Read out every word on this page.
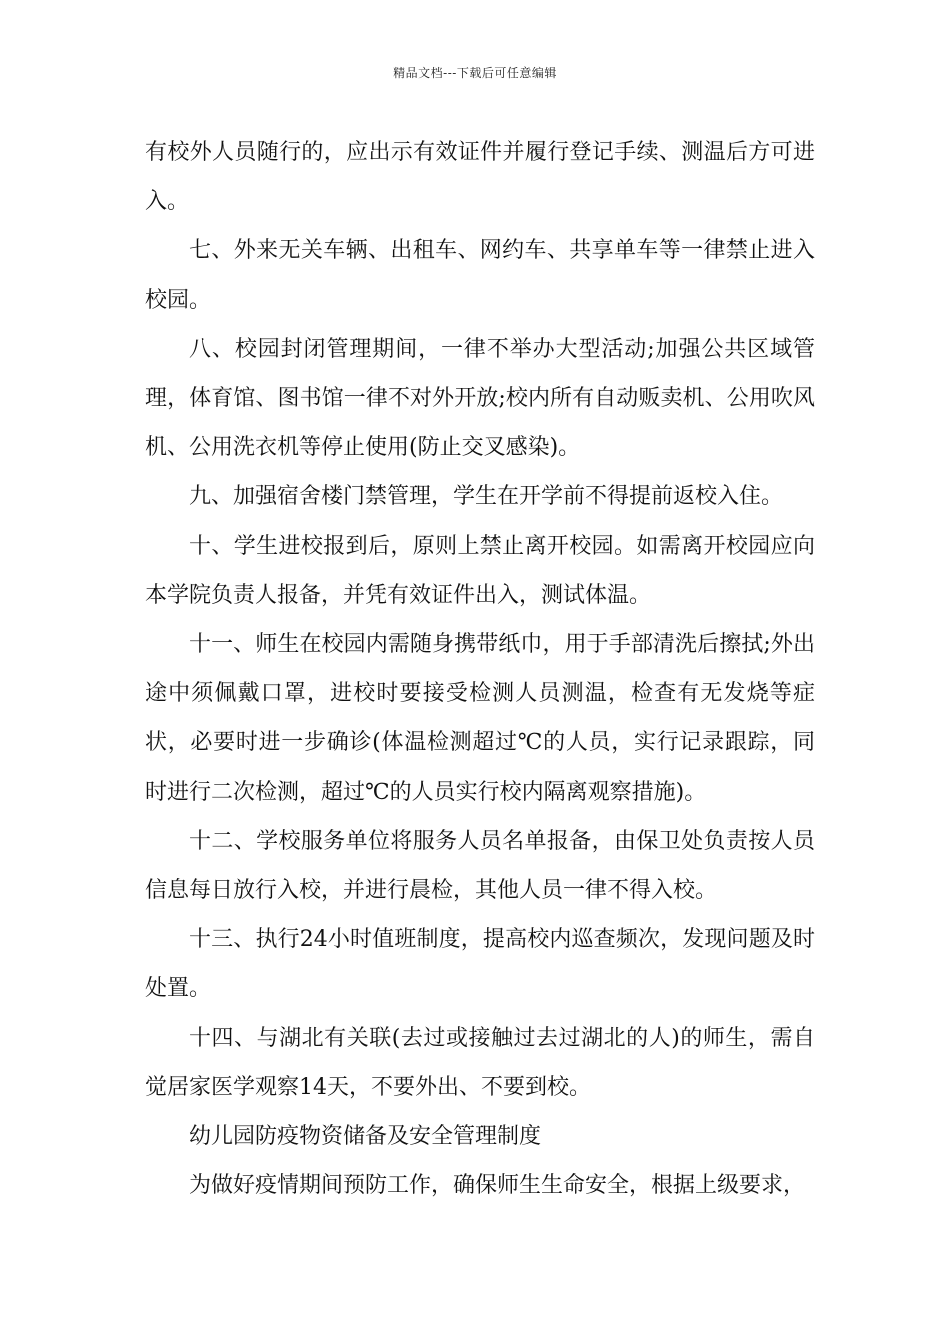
精品文档---下载后可任意编辑

有校外人员随行的，应出示有效证件并履行登记手续、测温后方可进入。

七、外来无关车辆、出租车、网约车、共享单车等一律禁止进入校园。

八、校园封闭管理期间，一律不举办大型活动;加强公共区域管理，体育馆、图书馆一律不对外开放;校内所有自动贩卖机、公用吹风机、公用洗衣机等停止使用(防止交叉感染)。

九、加强宿舍楼门禁管理，学生在开学前不得提前返校入住。

十、学生进校报到后，原则上禁止离开校园。如需离开校园应向本学院负责人报备，并凭有效证件出入，测试体温。

十一、师生在校园内需随身携带纸巾，用于手部清洗后擦拭;外出途中须佩戴口罩，进校时要接受检测人员测温，检查有无发烧等症状，必要时进一步确诊(体温检测超过℃的人员，实行记录跟踪，同时进行二次检测，超过℃的人员实行校内隔离观察措施)。

十二、学校服务单位将服务人员名单报备，由保卫处负责按人员信息每日放行入校，并进行晨检，其他人员一律不得入校。

十三、执行24小时值班制度，提高校内巡查频次，发现问题及时处置。

十四、与湖北有关联(去过或接触过去过湖北的人)的师生，需自觉居家医学观察14天，不要外出、不要到校。

幼儿园防疫物资储备及安全管理制度

为做好疫情期间预防工作，确保师生生命安全，根据上级要求，
